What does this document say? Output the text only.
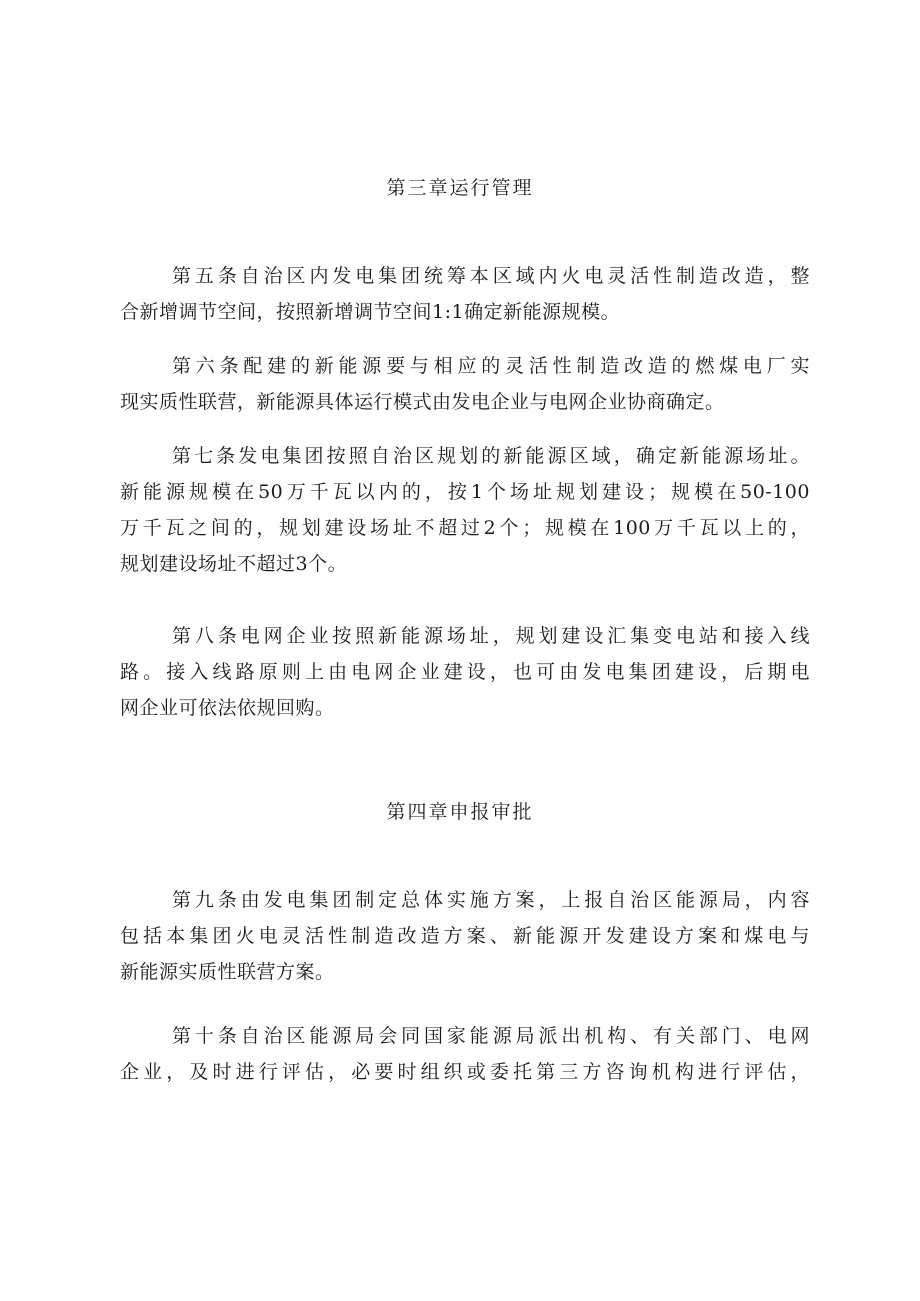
第三章运行管理
第五条自治区内发电集团统筹本区域内火电灵活性制造改造，整
合新增调节空间，按照新增调节空间1:1确定新能源规模。
第六条配建的新能源要与相应的灵活性制造改造的燃煤电厂实
现实质性联营，新能源具体运行模式由发电企业与电网企业协商确定。
第七条发电集团按照自治区规划的新能源区域，确定新能源场址。
新能源规模在50万千瓦以内的，按1个场址规划建设；规模在50-100
万千瓦之间的，规划建设场址不超过2个；规模在100万千瓦以上的，
规划建设场址不超过3个。
第八条电网企业按照新能源场址，规划建设汇集变电站和接入线
路。接入线路原则上由电网企业建设，也可由发电集团建设，后期电
网企业可依法依规回购。
第四章申报审批
第九条由发电集团制定总体实施方案，上报自治区能源局，内容
包括本集团火电灵活性制造改造方案、新能源开发建设方案和煤电与
新能源实质性联营方案。
第十条自治区能源局会同国家能源局派出机构、有关部门、电网
企业，及时进行评估，必要时组织或委托第三方咨询机构进行评估，
